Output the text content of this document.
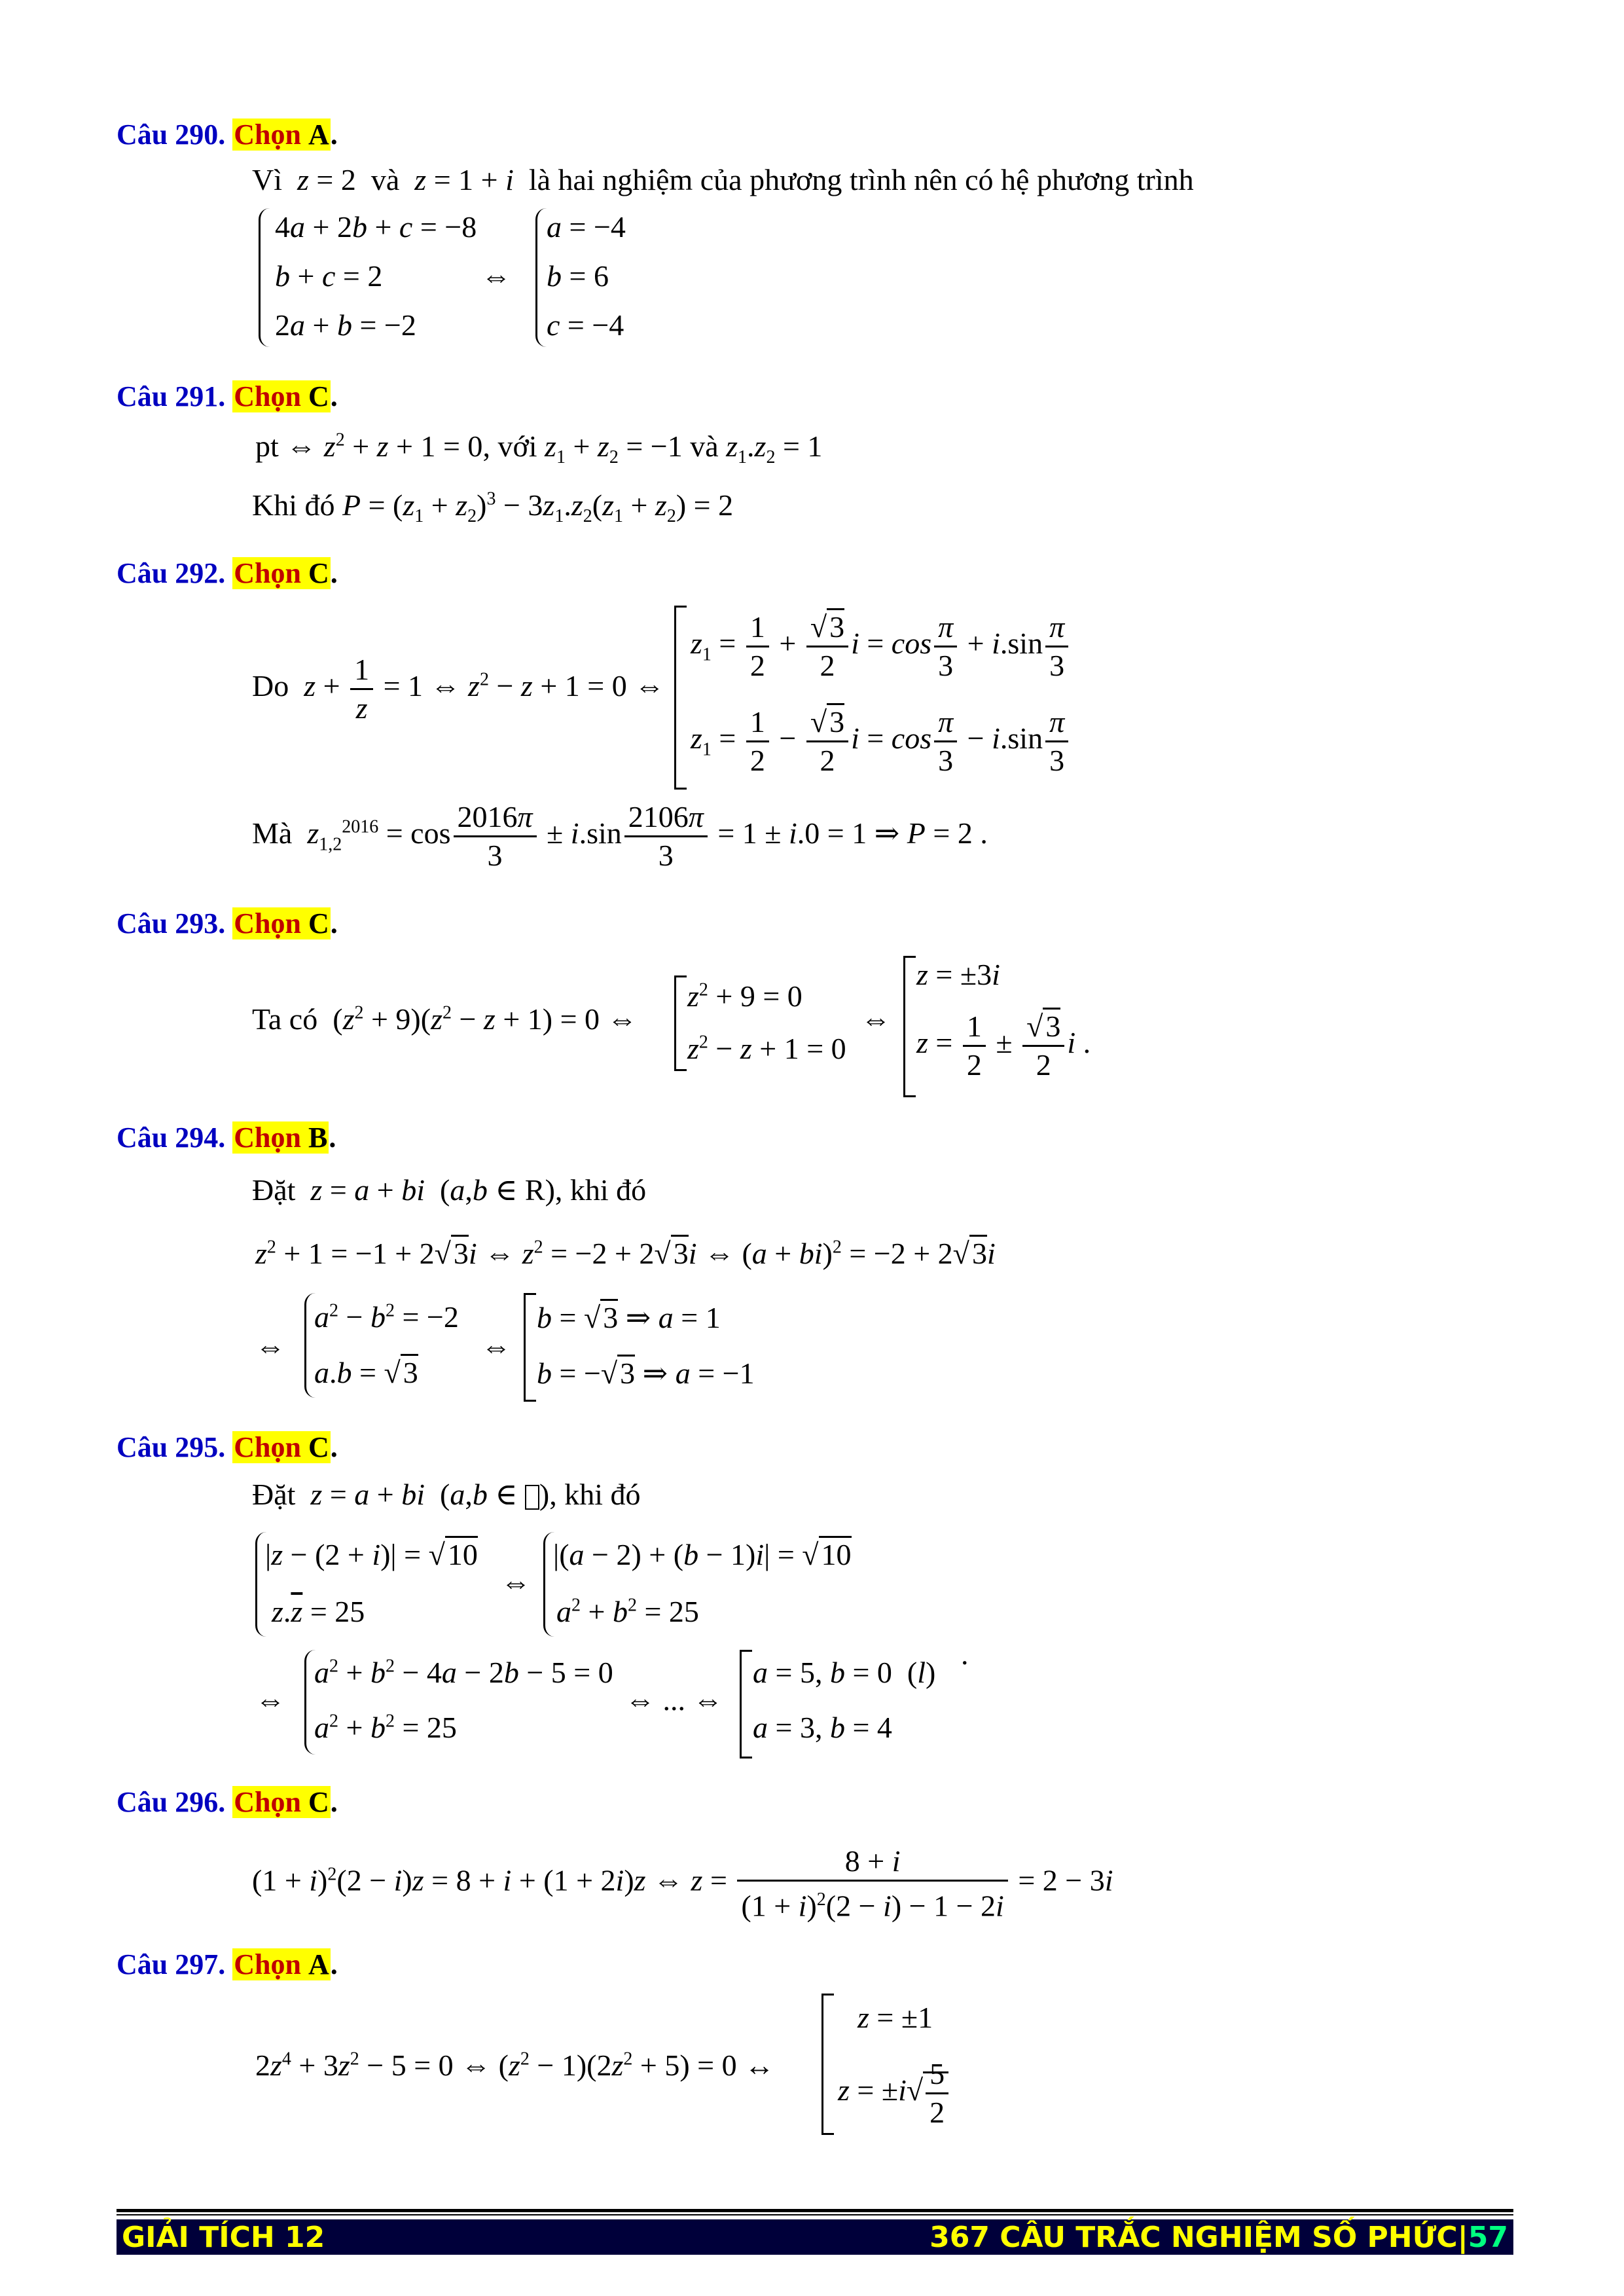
Câu 290. Chọn A.
Vì  z = 2  và  z = 1 + i là hai nghiệm của phương trình nên có hệ phương trình
4a + 2b + c = −8
b + c = 2
2a + b = −2
⇔
a = −4
b = 6
c = −4
Câu 291. Chọn C.
pt ⇔ $z^2 + z + 1 = 0$, với $z_1 + z_2 = -1$ và $z_1.z_2 = 1$
Khi đó $P = (z_1 + z_2)^3 - 3z_1.z_2(z_1 + z_2) = 2$
Câu 292. Chọn C.
Do  $z + \frac{1}{z} = 1$ ⇔ $z^2 - z + 1 = 0$ ⇔
$z_1 = \frac{1}{2} + \frac{√3}{2}$ $i = \cos \frac{\pi}{3} + i.\sin \frac{\pi}{3}$
$z_1 = \frac{1}{2} - \frac{√3}{2}$ $i = \cos \frac{\pi}{3} - i.\sin \frac{\pi}{3}$
Mà  $z_{1,2}^{2016} = \cos \frac{2016\pi}{3} \pm i.\sin \frac{2106\pi}{3} = 1 \pm i.0 = 1$ ⇒ P = 2 .
Câu 293. Chọn C.
Ta có  $(z^2 + 9)(z^2 - z + 1) = 0$ ⇔
$z^2 + 9 = 0$
$z^2 - z + 1 = 0$
⇔
z = ±3i
$z = \frac{1}{2} \pm \frac{√3}{2}$ i .
Câu 294. Chọn B.
Đặt  z = a + bi  (a,b ∈ R), khi đó
$z^2 + 1 = -1 + 2√3i$ ⇔ $z^2 = -2 + 2√3i$ ⇔ (a + bi)$^2$ = −2 + 2√3i
⇔
$a^2 - b^2 = -2$
a.b = √3
⇔
b = √3 ⇒ a = 1
b = −√3 ⇒ a = −1
Câu 295. Chọn C.
Đặt  z = a + bi  (a,b ∈ ), khi đó
|z − (2 + i)| = √10
$z.\overline{z} = 25$
⇔
|(a − 2) + (b − 1)i| = √10
$a^2 + b^2 = 25$
⇔
$a^2 + b^2 - 4a - 2b - 5 = 0$
$a^2 + b^2 = 25$
⇔ ... ⇔
a = 5, b = 0  (l)
a = 3, b = 4
.
Câu 296. Chọn C.
$(1 + i)^2(2 - i)z = 8 + i + (1 + 2i)z$ ⇔ $z = \frac{8 + i}{(1 + i)^2(2 - i) - 1 - 2i} = 2 - 3i$
Câu 297. Chọn A.
$2z^4 + 3z^2 - 5 = 0$ ⇔ $(z^2 - 1)(2z^2 + 5) = 0$ ↔
z = ±1
$z = \pm i√ \frac{5}{2}$
GIẢI TÍCH 12	367 CÂU TRẮC NGHIỆM SỐ PHỨC|57
